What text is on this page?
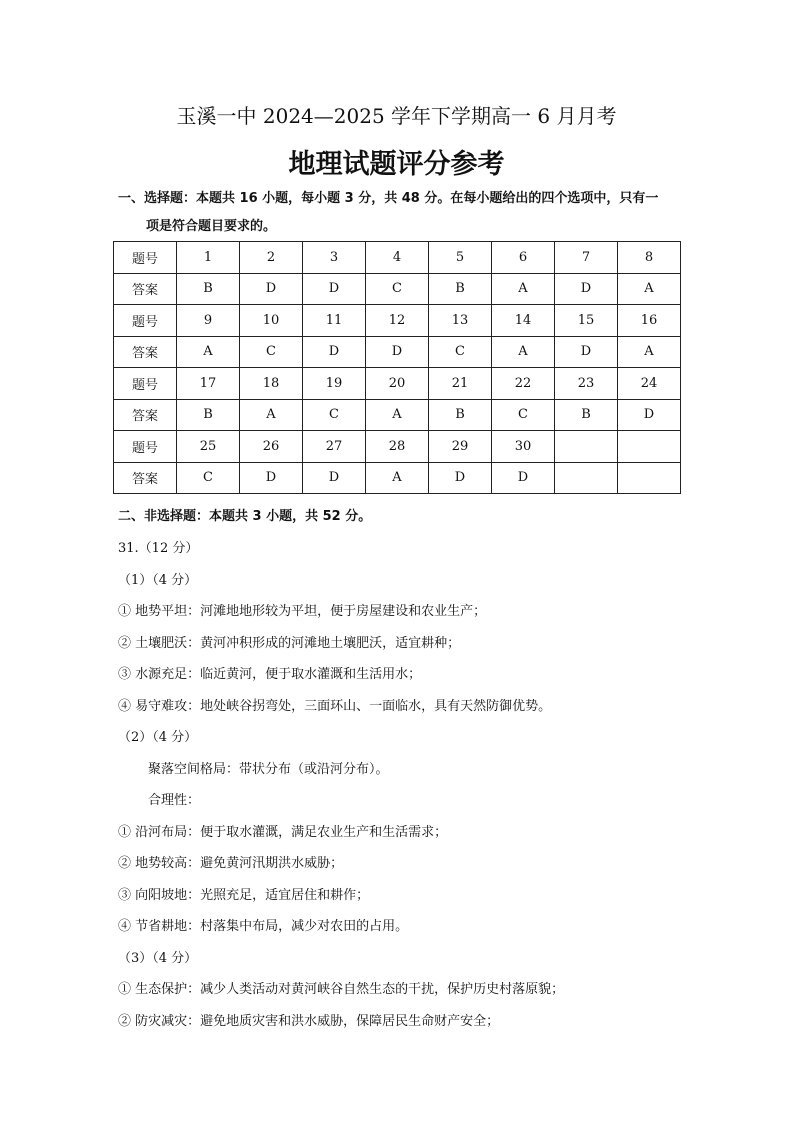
玉溪一中 2024—2025 学年下学期高一 6 月月考
地理试题评分参考
一、选择题：本题共 16 小题，每小题 3 分，共 48 分。在每小题给出的四个选项中，只有一
项是符合题目要求的。
题号	1	2	3	4	5	6	7	8
答案	B	D	D	C	B	A	D	A
题号	9	10	11	12	13	14	15	16
答案	A	C	D	D	C	A	D	A
题号	17	18	19	20	21	22	23	24
答案	B	A	C	A	B	C	B	D
题号	25	26	27	28	29	30		
答案	C	D	D	A	D	D		
二、非选择题：本题共 3 小题，共 52 分。
31.（12 分）
（1）（4 分）
① 地势平坦：河滩地地形较为平坦，便于房屋建设和农业生产；
② 土壤肥沃：黄河冲积形成的河滩地土壤肥沃，适宜耕种；
③ 水源充足：临近黄河，便于取水灌溉和生活用水；
④ 易守难攻：地处峡谷拐弯处，三面环山、一面临水，具有天然防御优势。
（2）（4 分）
聚落空间格局：带状分布（或沿河分布）。
合理性：
① 沿河布局：便于取水灌溉，满足农业生产和生活需求；
② 地势较高：避免黄河汛期洪水威胁；
③ 向阳坡地：光照充足，适宜居住和耕作；
④ 节省耕地：村落集中布局，减少对农田的占用。
（3）（4 分）
① 生态保护：减少人类活动对黄河峡谷自然生态的干扰，保护历史村落原貌；
② 防灾减灾：避免地质灾害和洪水威胁，保障居民生命财产安全；
